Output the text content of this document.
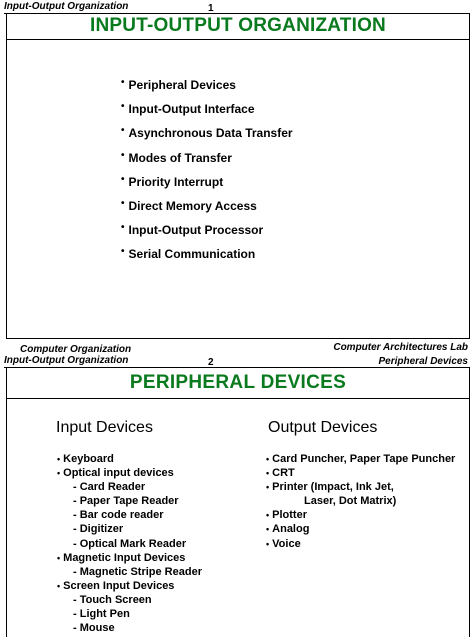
Input-Output Organization	1
INPUT-OUTPUT ORGANIZATION
• Peripheral Devices
• Input-Output Interface
• Asynchronous Data Transfer
• Modes of Transfer
• Priority Interrupt
• Direct Memory Access
• Input-Output Processor
• Serial Communication
Computer Organization	Computer Architectures Lab
Input-Output Organization	2	Peripheral Devices
PERIPHERAL DEVICES
Input Devices	Output Devices
• Keyboard
• Optical input devices
- Card Reader
- Paper Tape Reader
- Bar code reader
- Digitizer
- Optical Mark Reader
• Magnetic Input Devices
- Magnetic Stripe Reader
• Screen Input Devices
- Touch Screen
- Light Pen
- Mouse
• Card Puncher, Paper Tape Puncher
• CRT
• Printer (Impact, Ink Jet,
Laser, Dot Matrix)
• Plotter
• Analog
• Voice
